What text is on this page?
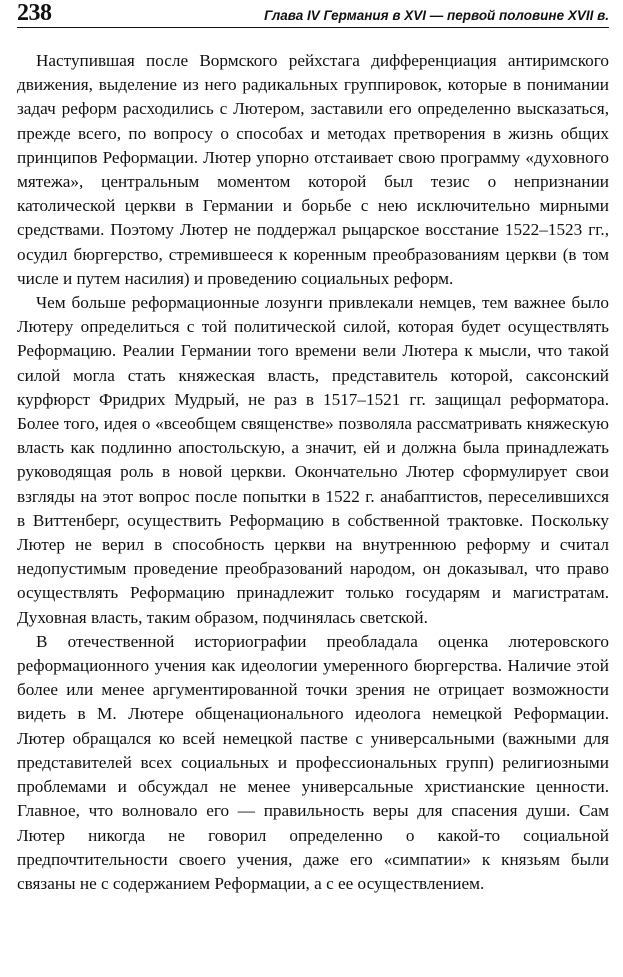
238	Глава IV Германия в XVI — первой половине XVII в.

Наступившая после Вормского рейхстага дифференциация антиримского движения, выделение из него радикальных группировок, которые в понимании задач реформ расходились с Лютером, заставили его определенно высказаться, прежде всего, по вопросу о способах и методах претворения в жизнь общих принципов Реформации. Лютер упорно отстаивает свою программу «духовного мятежа», центральным моментом которой был тезис о непризнании католической церкви в Германии и борьбе с нею исключительно мирными средствами. Поэтому Лютер не поддержал рыцарское восстание 1522–1523 гг., осудил бюргерство, стремившееся к коренным преобразованиям церкви (в том числе и путем насилия) и проведению социальных реформ.

Чем больше реформационные лозунги привлекали немцев, тем важнее было Лютеру определиться с той политической силой, которая будет осуществлять Реформацию. Реалии Германии того времени вели Лютера к мысли, что такой силой могла стать княжеская власть, представитель которой, саксонский курфюрст Фридрих Мудрый, не раз в 1517–1521 гг. защищал реформатора. Более того, идея о «всеобщем священстве» позволяла рассматривать княжескую власть как подлинно апостольскую, а значит, ей и должна была принадлежать руководящая роль в новой церкви. Окончательно Лютер сформулирует свои взгляды на этот вопрос после попытки в 1522 г. анабаптистов, переселившихся в Виттенберг, осуществить Реформацию в собственной трактовке. Поскольку Лютер не верил в способность церкви на внутреннюю реформу и считал недопустимым проведение преобразований народом, он доказывал, что право осуществлять Реформацию принадлежит только государям и магистратам. Духовная власть, таким образом, подчинялась светской.

В отечественной историографии преобладала оценка лютеровского реформационного учения как идеологии умеренного бюргерства. Наличие этой более или менее аргументированной точки зрения не отрицает возможности видеть в М. Лютере общенационального идеолога немецкой Реформации. Лютер обращался ко всей немецкой пастве с универсальными (важными для представителей всех социальных и профессиональных групп) религиозными проблемами и обсуждал не менее универсальные христианские ценности. Главное, что волновало его — правильность веры для спасения души. Сам Лютер никогда не говорил определенно о какой-то социальной предпочтительности своего учения, даже его «симпатии» к князьям были связаны не с содержанием Реформации, а с ее осуществлением.
